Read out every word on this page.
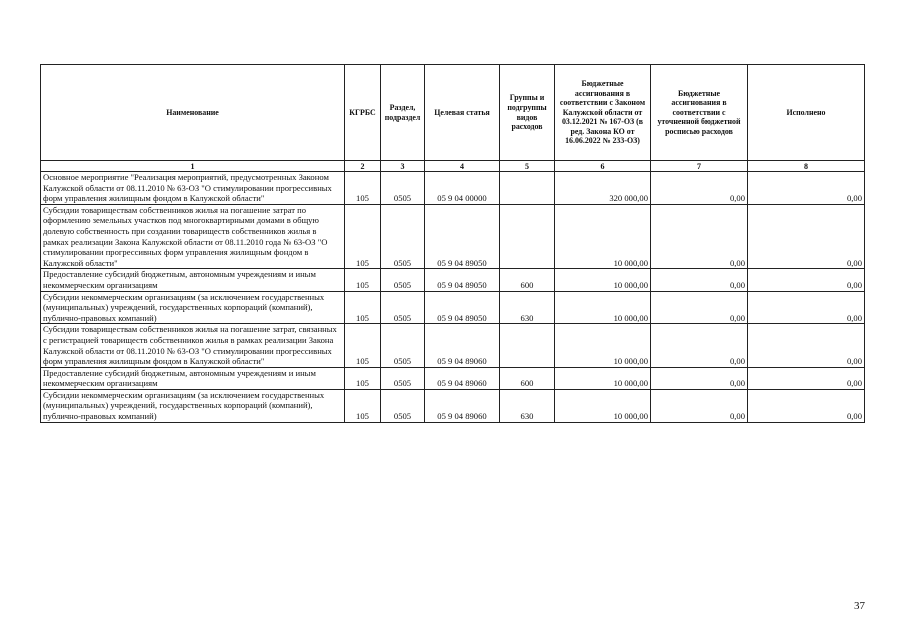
Наименование	КГРБС	Раздел, подраздел	Целевая статья	Группы и подгруппы видов расходов	Бюджетные ассигнования в соответствии с Законом Калужской области от 03.12.2021 № 167-ОЗ (в ред. Закона КО от 16.06.2022 № 233-ОЗ)	Бюджетные ассигнования в соответствии с уточненной бюджетной росписью расходов	Исполнено
1	2	3	4	5	6	7	8
Основное мероприятие "Реализация мероприятий, предусмотренных Законом Калужской области от 08.11.2010 № 63-ОЗ "О стимулировании прогрессивных форм управления жилищным фондом в Калужской области"	105	0505	05 9 04 00000		320 000,00	0,00	0,00
Субсидии товариществам собственников жилья на погашение затрат по оформлению земельных участков под многоквартирными домами в общую долевую собственность при создании товариществ собственников жилья в рамках реализации Закона Калужской области от 08.11.2010 года № 63-ОЗ "О стимулировании прогрессивных форм управления жилищным фондом в Калужской области"	105	0505	05 9 04 89050		10 000,00	0,00	0,00
Предоставление субсидий бюджетным, автономным учреждениям и иным некоммерческим организациям	105	0505	05 9 04 89050	600	10 000,00	0,00	0,00
Субсидии некоммерческим организациям (за исключением государственных (муниципальных) учреждений, государственных корпораций (компаний), публично-правовых компаний)	105	0505	05 9 04 89050	630	10 000,00	0,00	0,00
Субсидии товариществам собственников жилья на погашение затрат, связанных с регистрацией товариществ собственников жилья в рамках реализации Закона Калужской области от 08.11.2010 № 63-ОЗ "О стимулировании прогрессивных форм управления жилищным фондом в Калужской области"	105	0505	05 9 04 89060		10 000,00	0,00	0,00
Предоставление субсидий бюджетным, автономным учреждениям и иным некоммерческим организациям	105	0505	05 9 04 89060	600	10 000,00	0,00	0,00
Субсидии некоммерческим организациям (за исключением государственных (муниципальных) учреждений, государственных корпораций (компаний), публично-правовых компаний)	105	0505	05 9 04 89060	630	10 000,00	0,00	0,00
37
